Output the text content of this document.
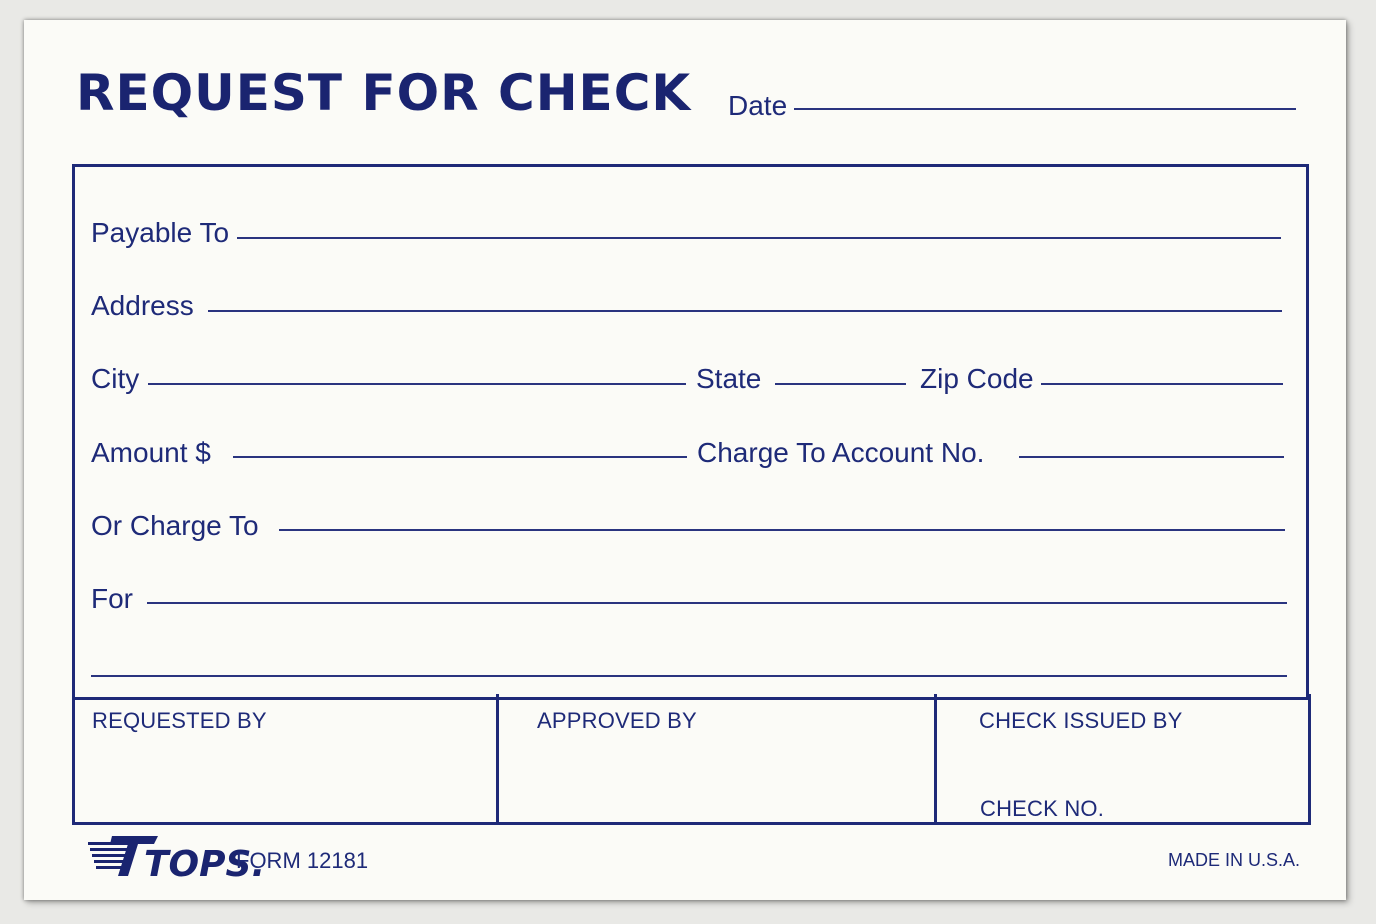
REQUEST FOR CHECK Date
Payable To
Address
City	State	Zip Code
Amount $	Charge To Account No.
Or Charge To
For
REQUESTED BY	APPROVED BY	CHECK ISSUED BY
CHECK NO.
TOPS.
FORM 12181	MADE IN U.S.A.
